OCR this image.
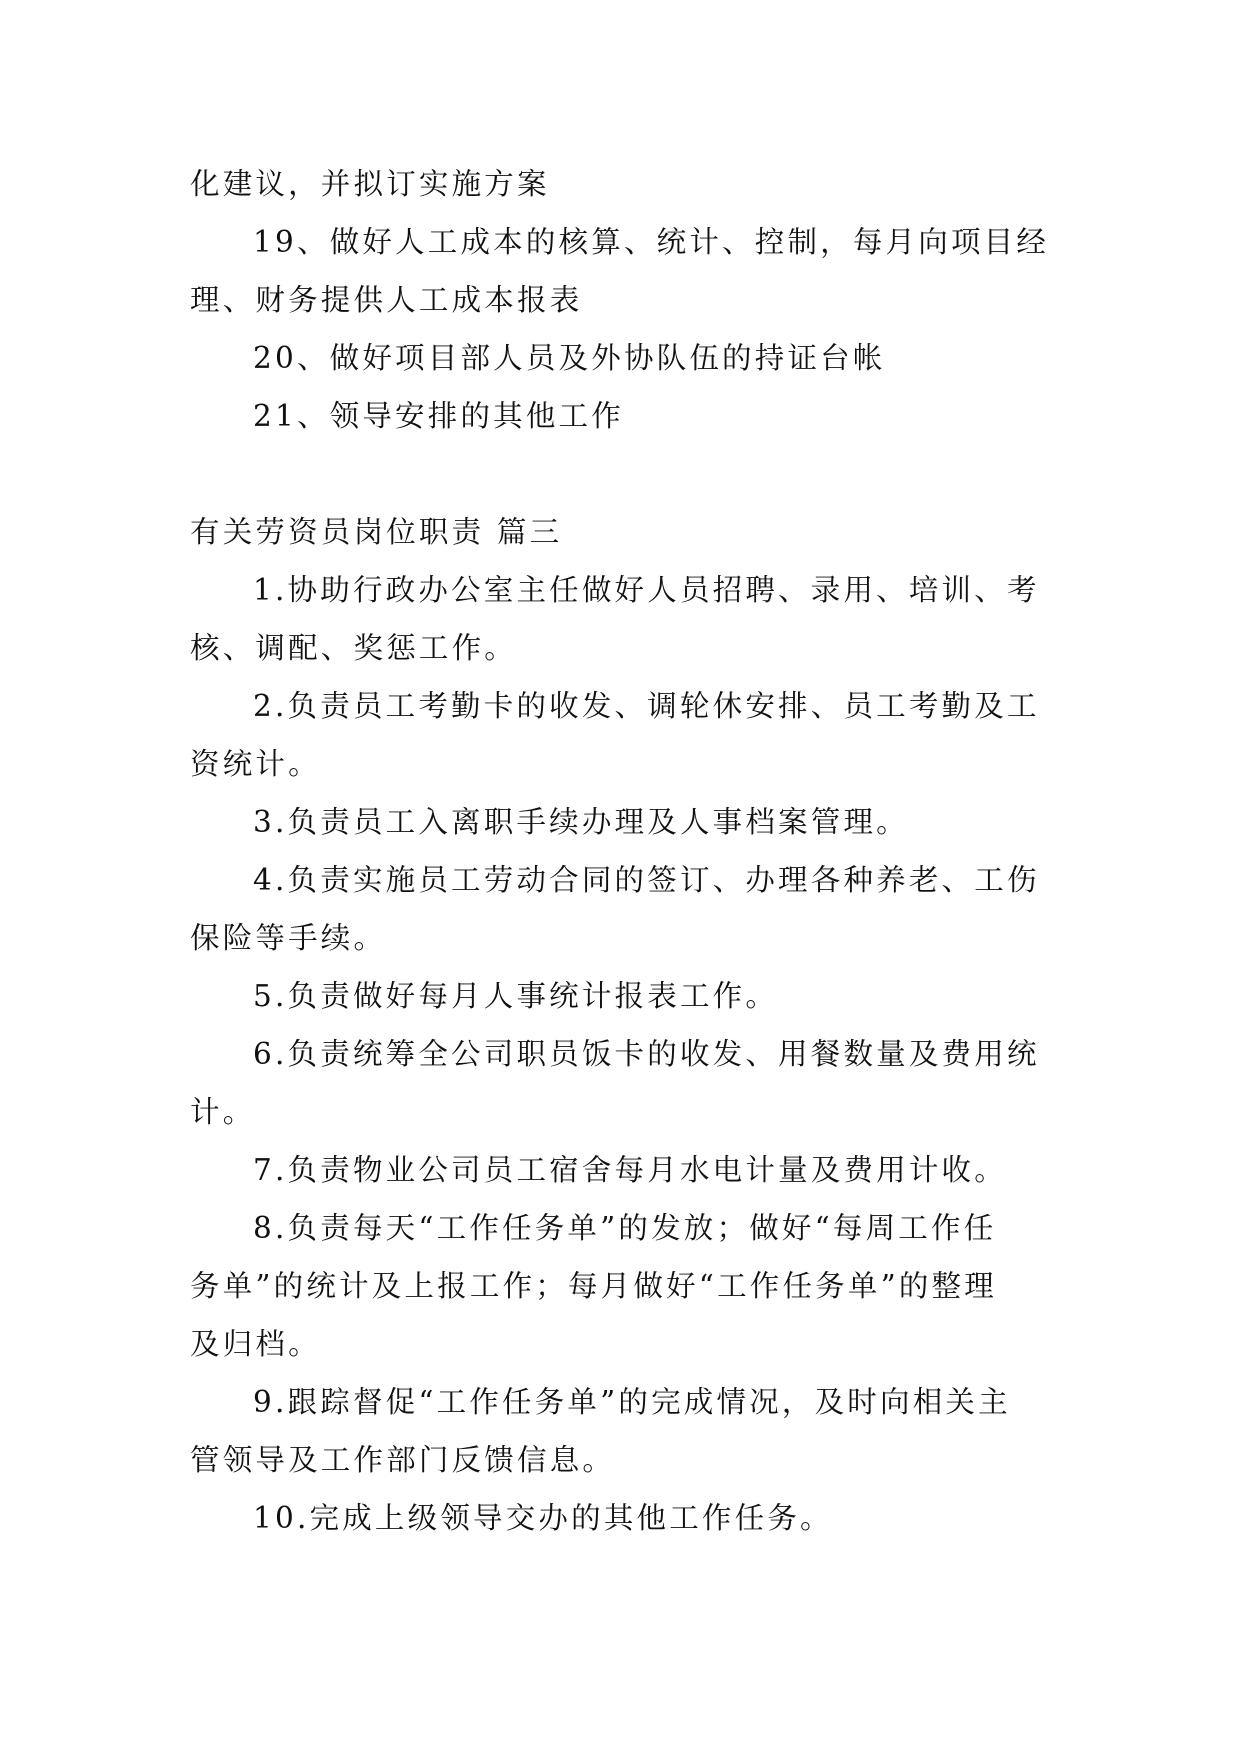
化建议，并拟订实施方案

19、做好人工成本的核算、统计、控制，每月向项目经

理、财务提供人工成本报表

20、做好项目部人员及外协队伍的持证台帐

21、领导安排的其他工作

有关劳资员岗位职责 篇三

1.协助行政办公室主任做好人员招聘、录用、培训、考

核、调配、奖惩工作。

2.负责员工考勤卡的收发、调轮休安排、员工考勤及工

资统计。

3.负责员工入离职手续办理及人事档案管理。

4.负责实施员工劳动合同的签订、办理各种养老、工伤

保险等手续。

5.负责做好每月人事统计报表工作。

6.负责统筹全公司职员饭卡的收发、用餐数量及费用统

计。

7.负责物业公司员工宿舍每月水电计量及费用计收。

8.负责每天“工作任务单”的发放；做好“每周工作任

务单”的统计及上报工作；每月做好“工作任务单”的整理

及归档。

9.跟踪督促“工作任务单”的完成情况，及时向相关主

管领导及工作部门反馈信息。

10.完成上级领导交办的其他工作任务。
